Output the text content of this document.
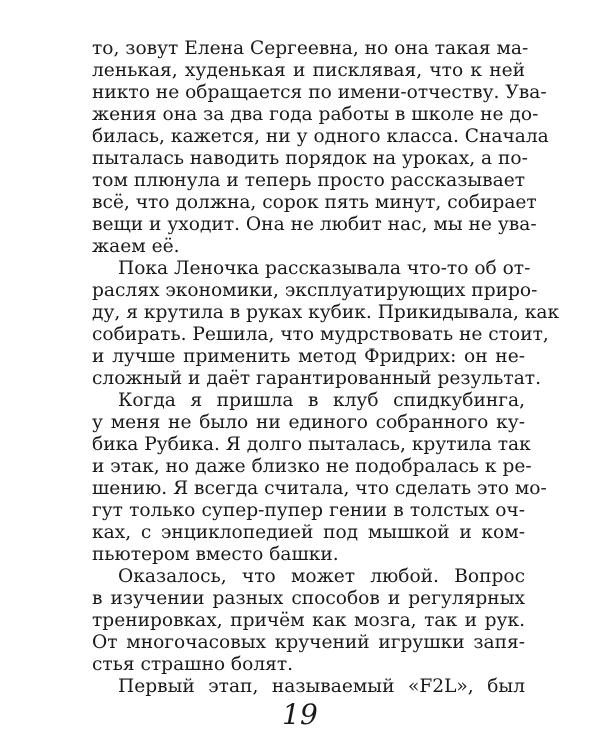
то, зовут Елена Сергеевна, но она такая ма-
ленькая, худенькая и писклявая, что к ней
никто не обращается по имени-отчеству. Ува-
жения она за два года работы в школе не до-
билась, кажется, ни у одного класса. Сначала
пыталась наводить порядок на уроках, а по-
том плюнула и теперь просто рассказывает
всё, что должна, сорок пять минут, собирает
вещи и уходит. Она не любит нас, мы не ува-
жаем её.
Пока Леночка рассказывала что-то об от-
раслях экономики, эксплуатирующих приро-
ду, я крутила в руках кубик. Прикидывала, как
собирать. Решила, что мудрствовать не стоит,
и лучше применить метод Фридрих: он не-
сложный и даёт гарантированный результат.
Когда я пришла в клуб спидкубинга,
у меня не было ни единого собранного ку-
бика Рубика. Я долго пыталась, крутила так
и этак, но даже близко не подобралась к ре-
шению. Я всегда считала, что сделать это мо-
гут только супер-пупер гении в толстых оч-
ках, с энциклопедией под мышкой и ком-
пьютером вместо башки.
Оказалось, что может любой. Вопрос
в изучении разных способов и регулярных
тренировках, причём как мозга, так и рук.
От многочасовых кручений игрушки запя-
стья страшно болят.
Первый этап, называемый «F2L», был
19
